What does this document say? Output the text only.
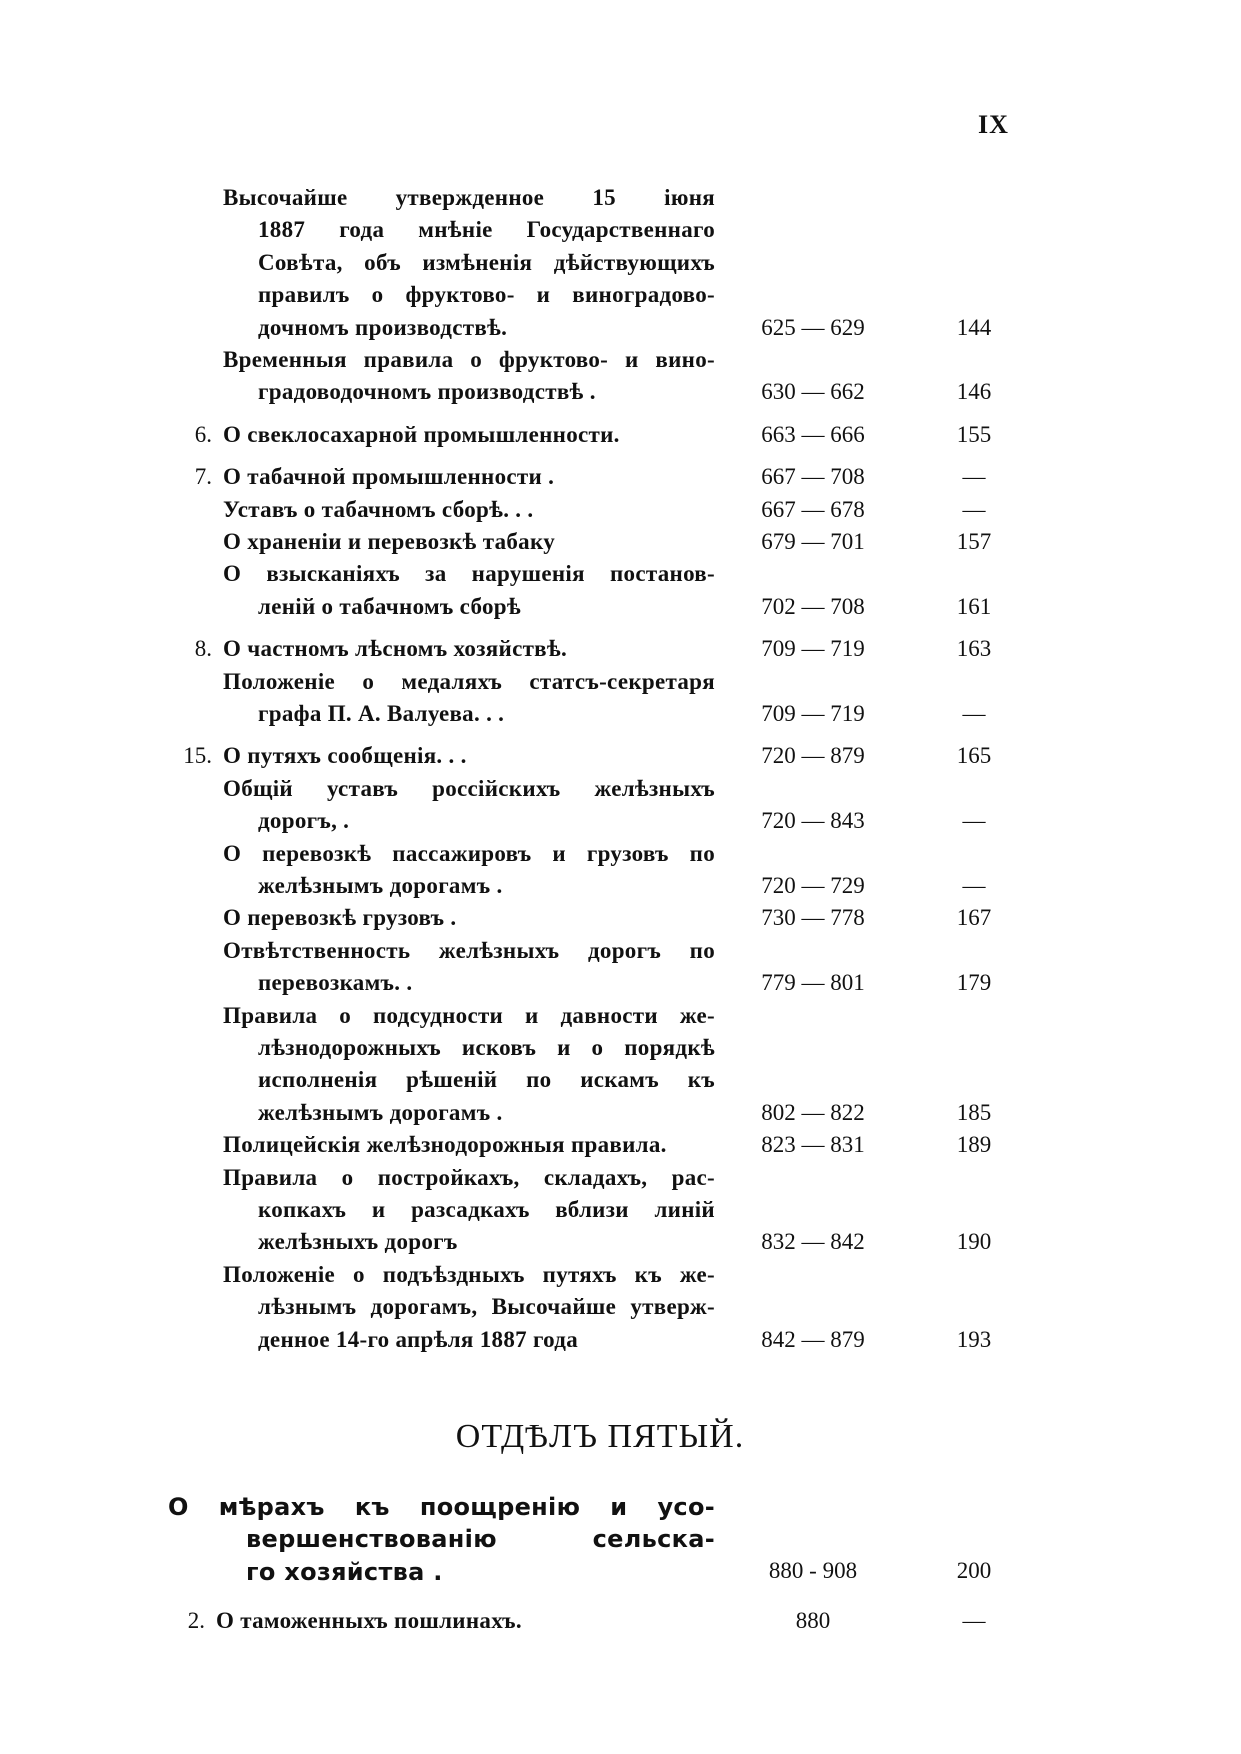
IX
Высочайше утвержденное 15 іюня
1887 года мнѣніе Государственнаго
Совѣта, объ измѣненія дѣйствующихъ
правилъ о фруктово- и виноградово-
дочномъ производствѣ.	625 — 629	144
Временныя правила о фруктово- и вино-
градоводочномъ производствѣ .	630 — 662	146
6. О свеклосахарной промышленности.	663 — 666	155
7. О табачной промышленности .	667 — 708	—
Уставъ о табачномъ сборѣ. . .	667 — 678	—
О храненіи и перевозкѣ табаку	679 — 701	157
О взысканіяхъ за нарушенія постанов-
леній о табачномъ сборѣ	702 — 708	161
8. О частномъ лѣсномъ хозяйствѣ.	709 — 719	163
Положеніе о медаляхъ статсъ-секретаря
графа П. А. Валуева. . .	709 — 719	—
15. О путяхъ сообщенія. . .	720 — 879	165
Общій уставъ россійскихъ желѣзныхъ
дорогъ, .	720 — 843	—
О перевозкѣ пассажировъ и грузовъ по
желѣзнымъ дорогамъ .	720 — 729	—
О перевозкѣ грузовъ .	730 — 778	167
Отвѣтственность желѣзныхъ дорогъ по
перевозкамъ. .	779 — 801	179
Правила о подсудности и давности же-
лѣзнодорожныхъ исковъ и о порядкѣ
исполненія рѣшеній по искамъ къ
желѣзнымъ дорогамъ .	802 — 822	185
Полицейскія желѣзнодорожныя правила.	823 — 831	189
Правила о постройкахъ, складахъ, рас-
копкахъ и разсадкахъ вблизи линій
желѣзныхъ дорогъ	832 — 842	190
Положеніе о подъѣздныхъ путяхъ къ же-
лѣзнымъ дорогамъ, Высочайше утверж-
денное 14-го апрѣля 1887 года	842 — 879	193
ОТДѢЛЪ ПЯТЫЙ.
О мѣрахъ къ поощренію и усо-
вершенствованію сельска-
го хозяйства .	880 - 908	200
2. О таможенныхъ пошлинахъ.	880	—
